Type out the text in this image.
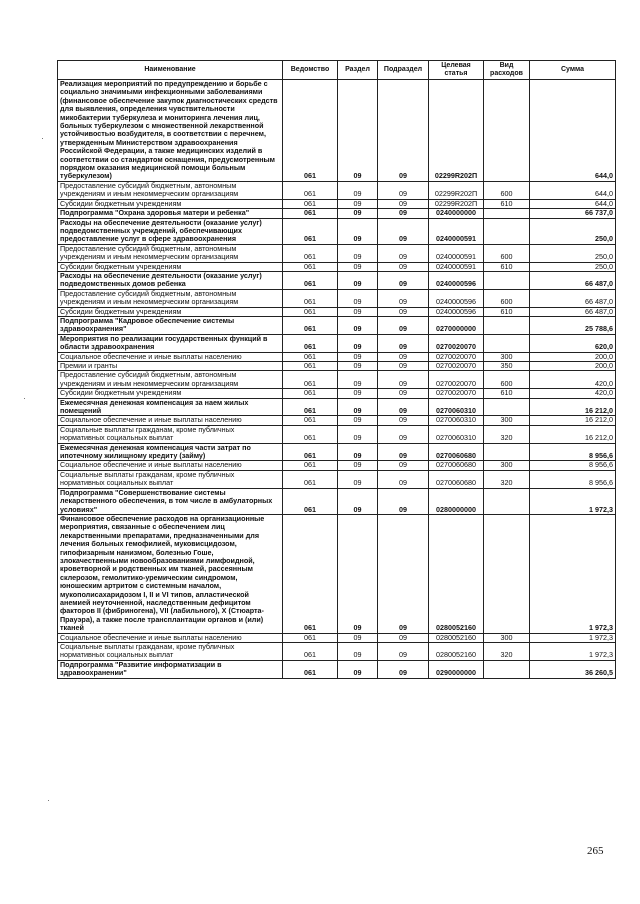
Наименование	Ведомство	Раздел	Подраздел	Целевая статья	Вид расходов	Сумма
Реализация мероприятий по предупреждению и борьбе с социально значимыми инфекционными заболеваниями (финансовое обеспечение закупок диагностических средств для выявления, определения чувствительности микобактерии туберкулеза и мониторинга лечения лиц, больных туберкулезом с множественной лекарственной устойчивостью возбудителя, в соответствии с перечнем, утвержденным Министерством здравоохранения Российской Федерации, а также медицинских изделий в соответствии со стандартом оснащения, предусмотренным порядком оказания медицинской помощи больным туберкулезом)	061	09	09	02299R202П		644,0
Предоставление субсидий бюджетным, автономным учреждениям и иным некоммерческим организациям	061	09	09	02299R202П	600	644,0
Субсидии бюджетным учреждениям	061	09	09	02299R202П	610	644,0
Подпрограмма "Охрана здоровья матери и ребенка"	061	09	09	0240000000		66 737,0
Расходы на обеспечение деятельности (оказание услуг) подведомственных учреждений, обеспечивающих предоставление услуг в сфере здравоохранения	061	09	09	0240000591		250,0
Предоставление субсидий бюджетным, автономным учреждениям и иным некоммерческим организациям	061	09	09	0240000591	600	250,0
Субсидии бюджетным учреждениям	061	09	09	0240000591	610	250,0
Расходы на обеспечение деятельности (оказание услуг) подведомственных домов ребенка	061	09	09	0240000596		66 487,0
Предоставление субсидий бюджетным, автономным учреждениям и иным некоммерческим организациям	061	09	09	0240000596	600	66 487,0
Субсидии бюджетным учреждениям	061	09	09	0240000596	610	66 487,0
Подпрограмма "Кадровое обеспечение системы здравоохранения"	061	09	09	0270000000		25 788,6
Мероприятия по реализации государственных функций в области здравоохранения	061	09	09	0270020070		620,0
Социальное обеспечение и иные выплаты населению	061	09	09	0270020070	300	200,0
Премии и гранты	061	09	09	0270020070	350	200,0
Предоставление субсидий бюджетным, автономным учреждениям и иным некоммерческим организациям	061	09	09	0270020070	600	420,0
Субсидии бюджетным учреждениям	061	09	09	0270020070	610	420,0
Ежемесячная денежная компенсация за наем жилых помещений	061	09	09	0270060310		16 212,0
Социальное обеспечение и иные выплаты населению	061	09	09	0270060310	300	16 212,0
Социальные выплаты гражданам, кроме публичных нормативных социальных выплат	061	09	09	0270060310	320	16 212,0
Ежемесячная денежная компенсация части затрат по ипотечному жилищному кредиту (займу)	061	09	09	0270060680		8 956,6
Социальное обеспечение и иные выплаты населению	061	09	09	0270060680	300	8 956,6
Социальные выплаты гражданам, кроме публичных нормативных социальных выплат	061	09	09	0270060680	320	8 956,6
Подпрограмма "Совершенствование системы лекарственного обеспечения, в том числе в амбулаторных условиях"	061	09	09	0280000000		1 972,3
Финансовое обеспечение расходов на организационные мероприятия, связанные с обеспечением лиц лекарственными препаратами, предназначенными для лечения больных гемофилией, муковисцидозом, гипофизарным нанизмом, болезнью Гоше, злокачественными новообразованиями лимфоидной, кроветворной и родственных им тканей, рассеянным склерозом, гемолитико-уремическим синдромом, юношеским артритом с системным началом, мукополисахаридозом I, II и VI типов, апластической анемией неуточненной, наследственным дефицитом факторов II (фибриногена), VII (лабильного), X (Стюарта-Прауэра), а также после трансплантации органов и (или) тканей	061	09	09	0280052160		1 972,3
Социальное обеспечение и иные выплаты населению	061	09	09	0280052160	300	1 972,3
Социальные выплаты гражданам, кроме публичных нормативных социальных выплат	061	09	09	0280052160	320	1 972,3
Подпрограмма "Развитие информатизации в здравоохранении"	061	09	09	0290000000		36 260,5
265
